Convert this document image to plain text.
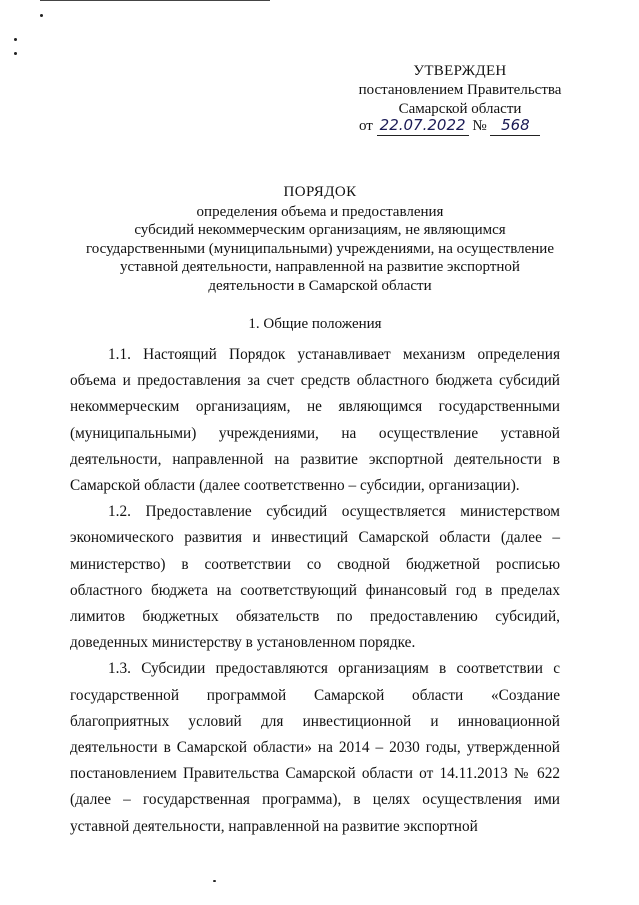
УТВЕРЖДЕН
постановлением Правительства
Самарской области
от 22.07.2022 № 568
ПОРЯДОК
определения объема и предоставления
субсидий некоммерческим организациям, не являющимся
государственными (муниципальными) учреждениями, на осуществление
уставной деятельности, направленной на развитие экспортной
деятельности в Самарской области
1. Общие положения

1.1. Настоящий Порядок устанавливает механизм определения объема и предоставления за счет средств областного бюджета субсидий некоммерческим организациям, не являющимся государственными (муниципальными) учреждениями, на осуществление уставной деятельности, направленной на развитие экспортной деятельности в Самарской области (далее соответственно – субсидии, организации).

1.2. Предоставление субсидий осуществляется министерством экономического развития и инвестиций Самарской области (далее – министерство) в соответствии со сводной бюджетной росписью областного бюджета на соответствующий финансовый год в пределах лимитов бюджетных обязательств по предоставлению субсидий, доведенных министерству в установленном порядке.

1.3. Субсидии предоставляются организациям в соответствии с государственной программой Самарской области «Создание благоприятных условий для инвестиционной и инновационной деятельности в Самарской области» на 2014 – 2030 годы, утвержденной постановлением Правительства Самарской области от 14.11.2013 № 622 (далее – государственная программа), в целях осуществления ими уставной деятельности, направленной на развитие экспортной
